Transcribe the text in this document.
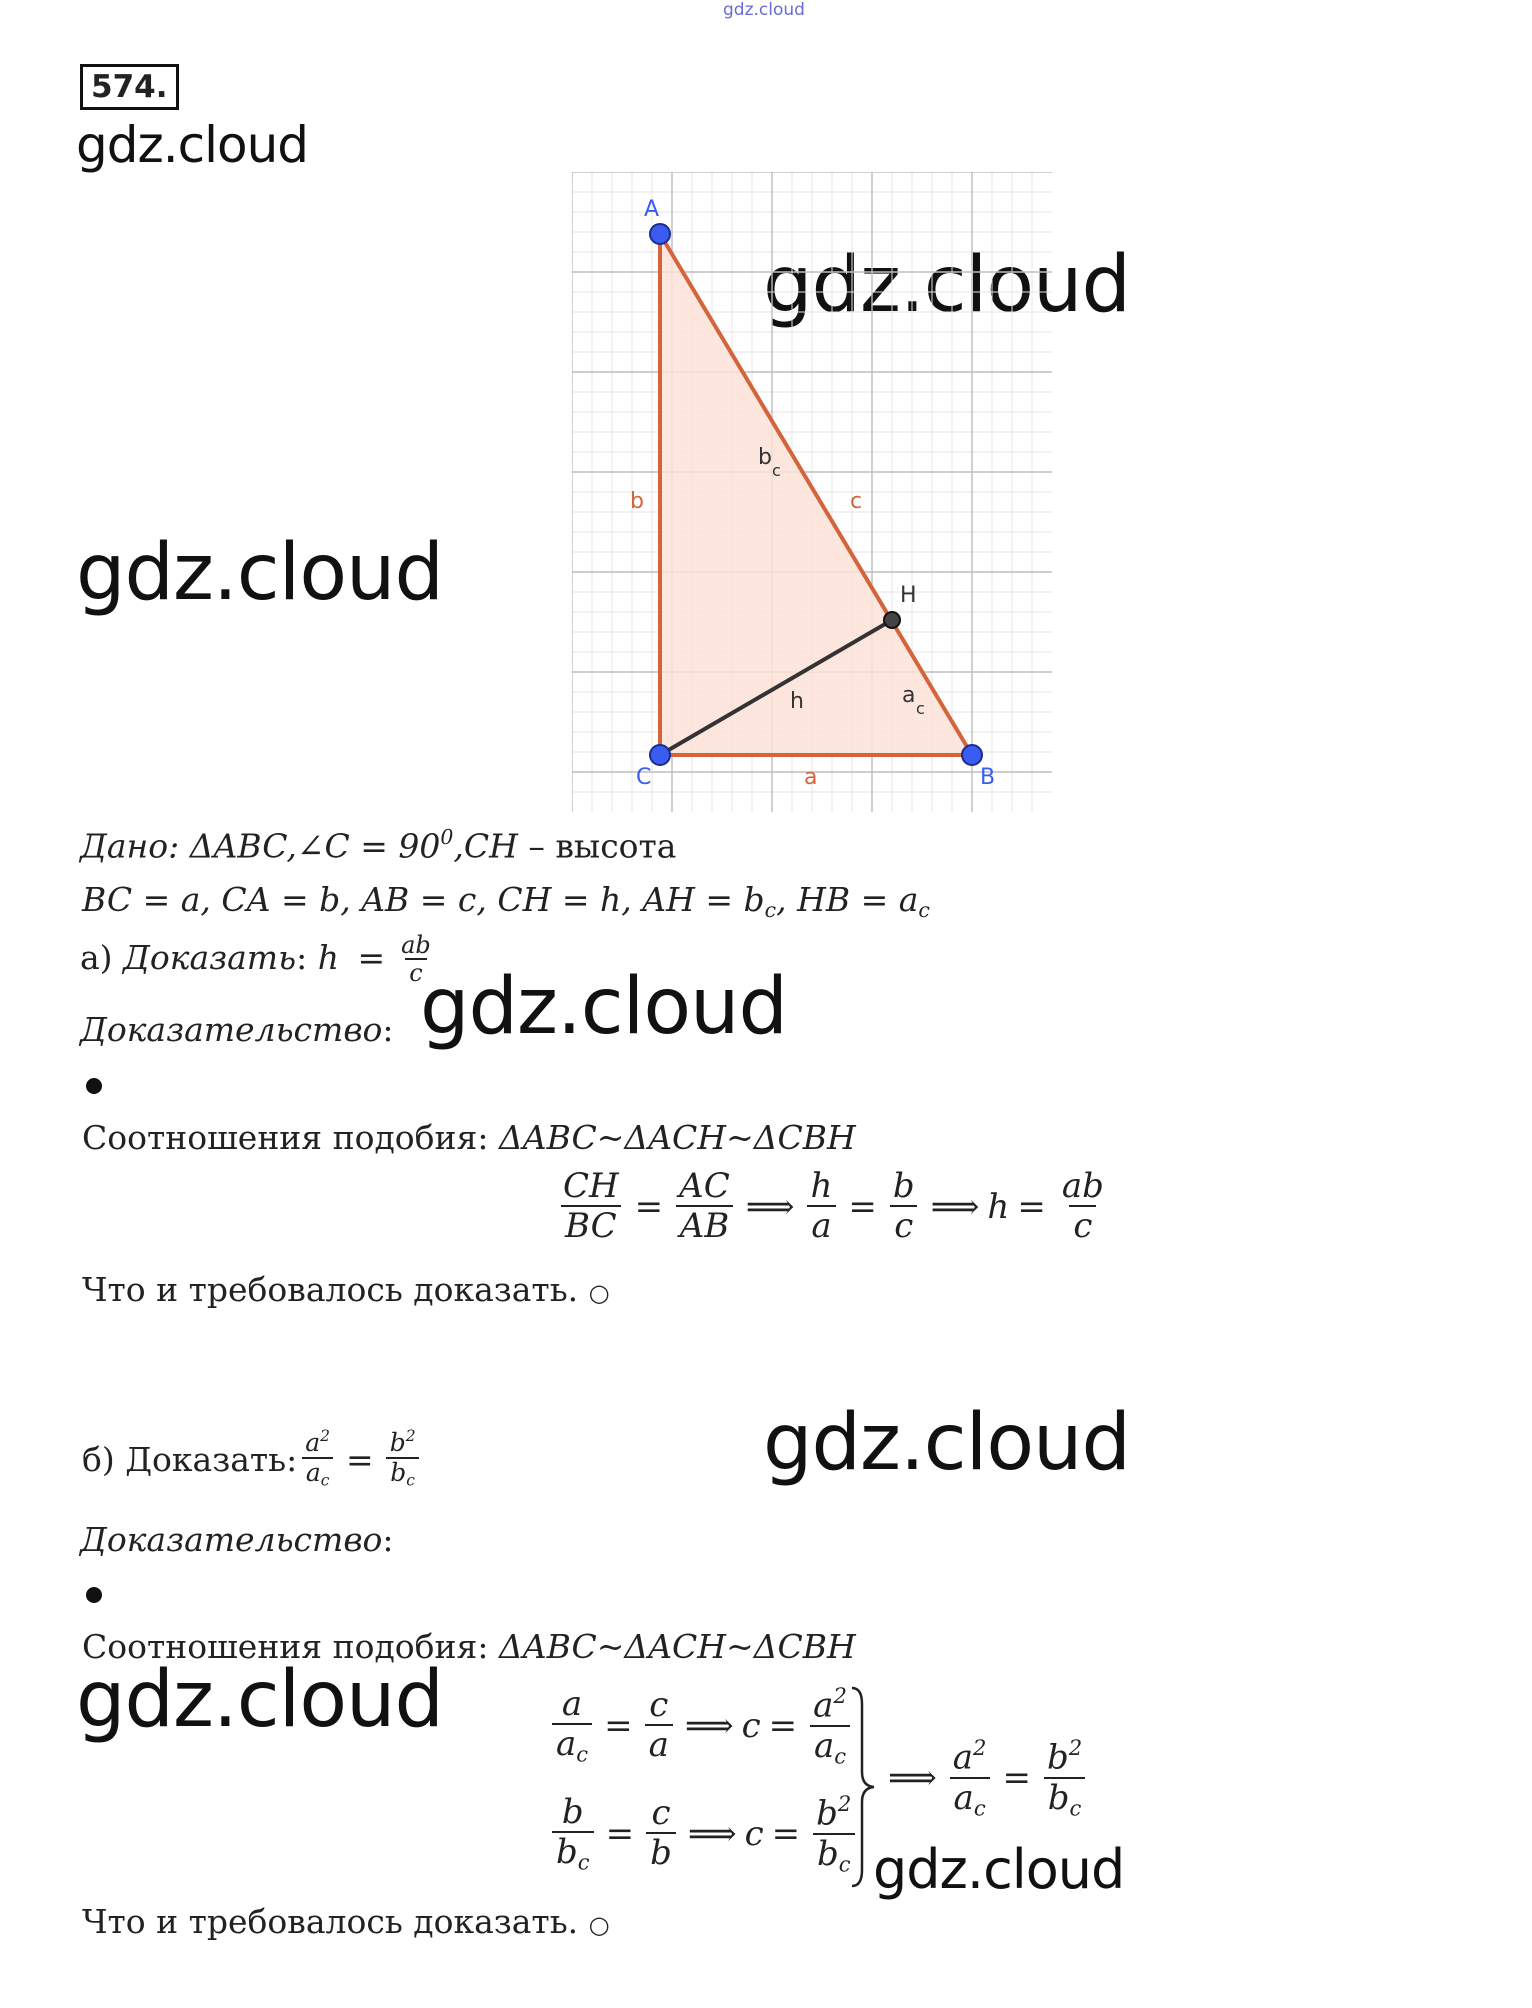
gdz.cloud
574.
gdz.cloud
gdz.cloud
gdz.cloud
gdz.cloud
gdz.cloud
gdz.cloud
gdz.cloud
A
C	B
H
b	c
a
h
b
c
a
c
Дано: ΔABC,∠C = $90^0,CH$ – высота
BC = a, CA = b, AB = c, CH = h, AH = $b_c$, HB = $a_c$
а) Доказать: $h = \frac{ab}{c}$
Доказательство:
Соотношения подобия: ΔABC~ΔACH~ΔCBH
$\frac{CH}{BC} = \frac{AC}{AB}$ ⟹ $\frac{h}{a} = \frac{b}{c}$ ⟹ $h = \frac{ab}{c}$
Что и требовалось доказать. ○
б) Доказать: $\frac{a^2}{a_c} = \frac{b^2}{b_c}$
Доказательство:
Соотношения подобия: ΔABC~ΔACH~ΔCBH
$\frac{a}{a_c} = \frac{c}{a}$ ⟹ $c = \frac{a^2}{a_c}$
$\frac{b}{b_c} = \frac{c}{b}$ ⟹ $c = \frac{b^2}{b_c}$
⟹ $\frac{a^2}{a_c} = \frac{b^2}{b_c}$
Что и требовалось доказать. ○
